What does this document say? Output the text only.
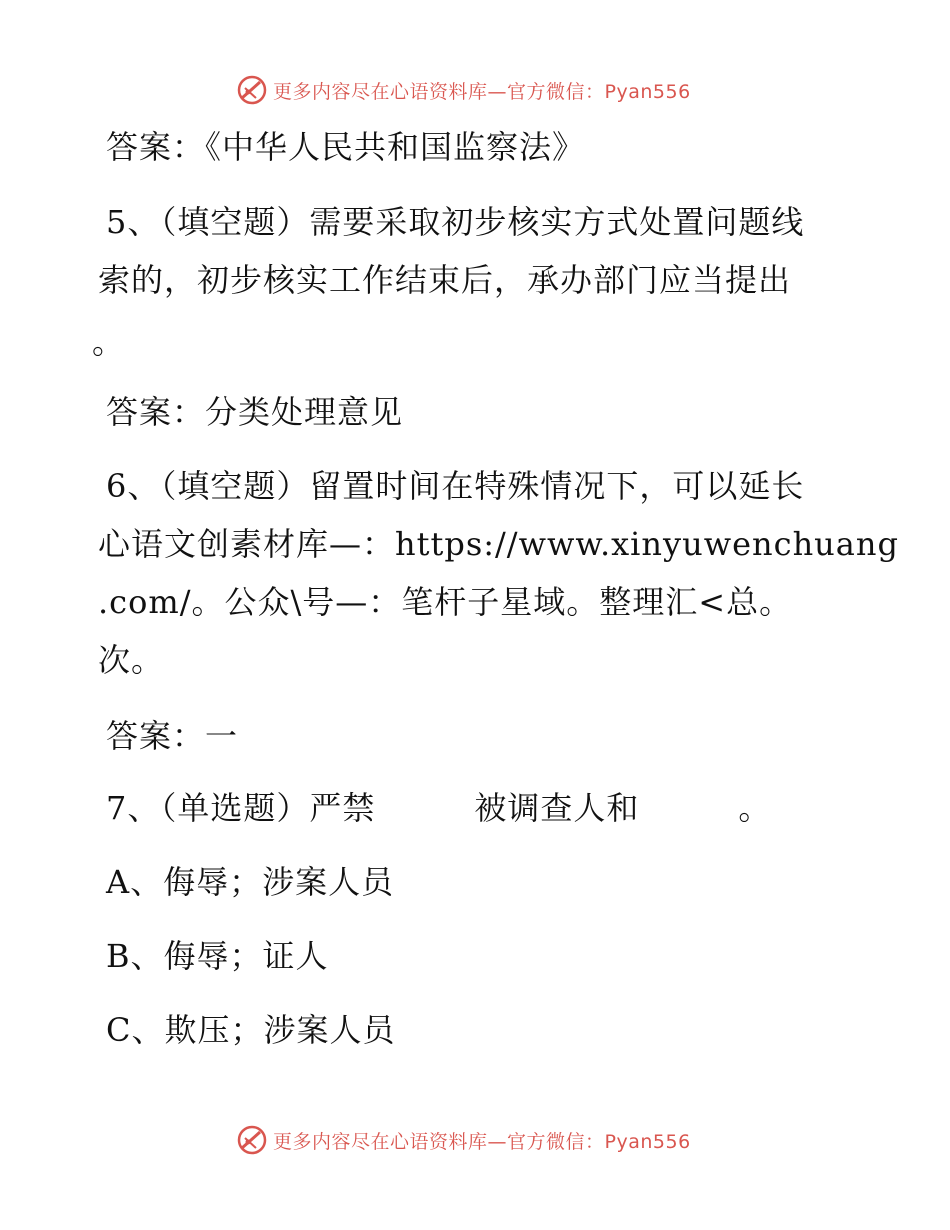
更多内容尽在心语资料库—官方微信：Pyan556
答案：《中华人民共和国监察法》
5、（填空题）需要采取初步核实方式处置问题线
索的，初步核实工作结束后，承办部门应当提出
。
答案：分类处理意见
6、（填空题）留置时间在特殊情况下，可以延长
心语文创素材库—：https://www.xinyuwenchuang
.com/。公众\号—：笔杆子星域。整理汇<总。
次。
答案：一
7、（单选题）严禁　　　被调查人和　　　。
A、侮辱；涉案人员
B、侮辱；证人
C、欺压；涉案人员
更多内容尽在心语资料库—官方微信：Pyan556
